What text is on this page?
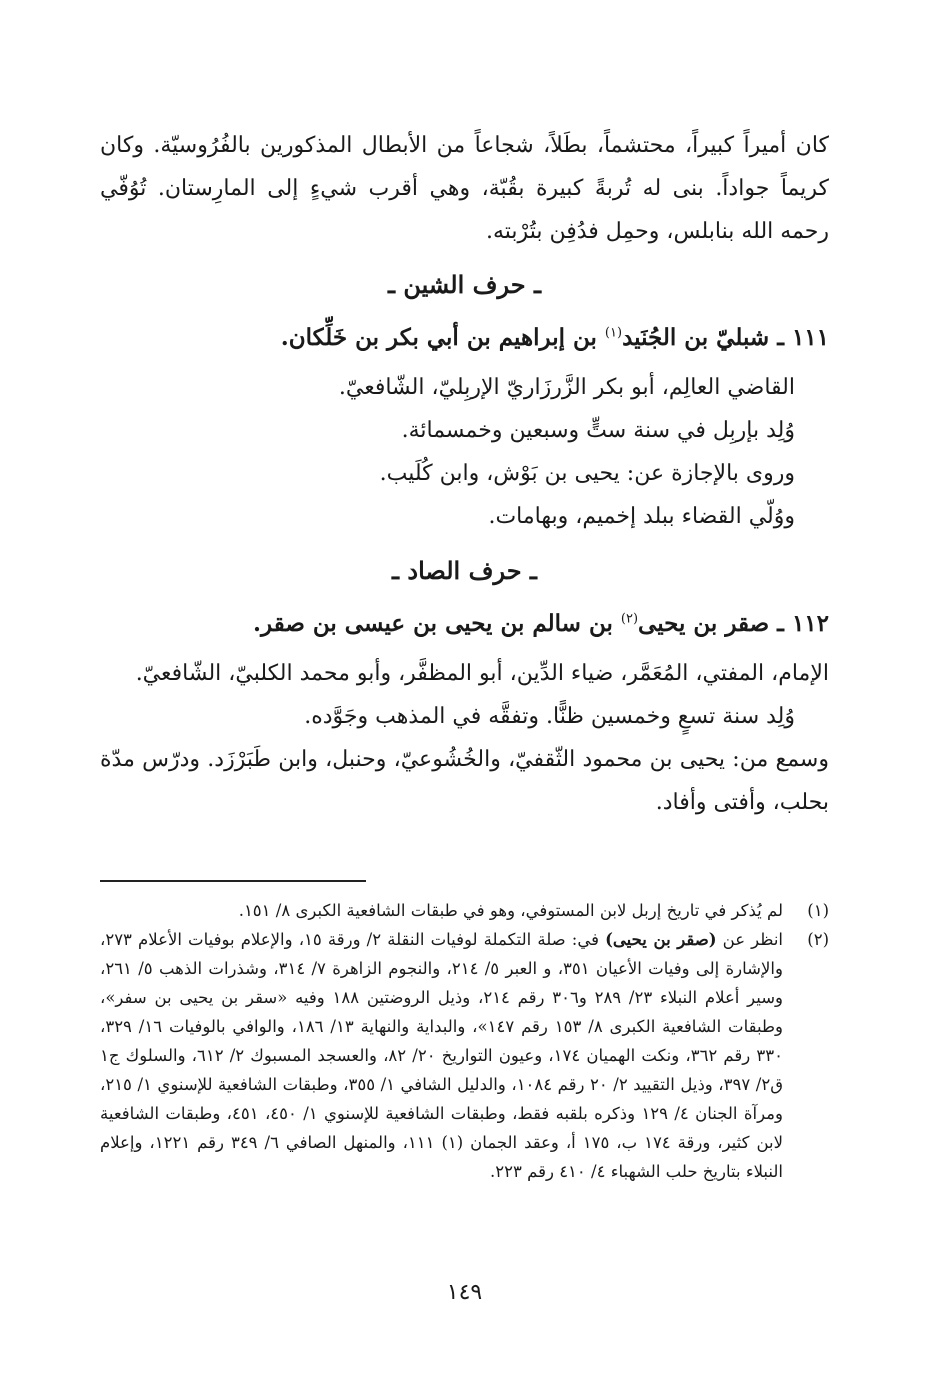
كان أميراً كبيراً، محتشماً، بطَلاً، شجاعاً من الأبطال المذكورين بالفُرُوسيّة. وكان كريماً جواداً. بنى له تُربةً كبيرة بقُبّة، وهي أقرب شيءٍ إلى المارِستان. تُوُفّي رحمه الله بنابلس، وحمِل فدُفِن بتُرْبته.

ـ حرف الشين ـ
١١١ ـ شبليّ بن الجُنَيد$^{(١)}$ بن إبراهيم بن أبي بكر بن خَلِّكان.

القاضي العالِم، أبو بكر الزَّرزَاريّ الإربِليّ، الشّافعيّ.

وُلِد بإربِل في سنة ستٍّ وسبعين وخمسمائة.

وروى بالإجازة عن: يحيى بن بَوْش، وابن كُلَيب.

ووُلّي القضاء ببلد إخميم، وبهامات.

ـ حرف الصاد ـ
١١٢ ـ صقر بن يحيى$^{(٢)}$ بن سالم بن يحيى بن عيسى بن صقر.

الإمام، المفتي، المُعَمَّر، ضياء الدِّين، أبو المظفَّر، وأبو محمد الكلبيّ، الشّافعيّ.

وُلِد سنة تسعٍ وخمسين ظنًّا. وتفقَّه في المذهب وجَوَّده.

وسمع من: يحيى بن محمود الثّقفيّ، والخُشُوعيّ، وحنبل، وابن طَبَرْزَد. ودرّس مدّة بحلب، وأفتى وأفاد.

(١)
لم يُذكر في تاريخ إربل لابن المستوفي، وهو في طبقات الشافعية الكبرى ٨/ ١٥١.
(٢)
انظر عن (صقر بن يحيى) في: صلة التكملة لوفيات النقلة ٢/ ورقة ١٥، والإعلام بوفيات الأعلام ٢٧٣، والإشارة إلى وفيات الأعيان ٣٥١، و العبر ٥/ ٢١٤، والنجوم الزاهرة ٧/ ٣١٤، وشذرات الذهب ٥/ ٢٦١، وسير أعلام النبلاء ٢٣/ ٢٨٩ و٣٠٦ رقم ٢١٤، وذيل الروضتين ١٨٨ وفيه «سقر بن يحيى بن سفر»، وطبقات الشافعية الكبرى ٨/ ١٥٣ رقم ١٤٧»، والبداية والنهاية ١٣/ ١٨٦، والوافي بالوفيات ١٦/ ٣٢٩، ٣٣٠ رقم ٣٦٢، ونكت الهميان ١٧٤، وعيون التواريخ ٢٠/ ٨٢، والعسجد المسبوك ٢/ ٦١٢، والسلوك ج١ ق٢/ ٣٩٧، وذيل التقييد ٢/ ٢٠ رقم ١٠٨٤، والدليل الشافي ١/ ٣٥٥، وطبقات الشافعية للإسنوي ١/ ٢١٥، ومرآة الجنان ٤/ ١٢٩ وذكره بلقبه فقط، وطبقات الشافعية للإسنوي ١/ ٤٥٠، ٤٥١، وطبقات الشافعية لابن كثير، ورقة ١٧٤ ب، ١٧٥ أ، وعقد الجمان (١) ١١١، والمنهل الصافي ٦/ ٣٤٩ رقم ١٢٢١، وإعلام النبلاء بتاريخ حلب الشهباء ٤/ ٤١٠ رقم ٢٢٣.
١٤٩
